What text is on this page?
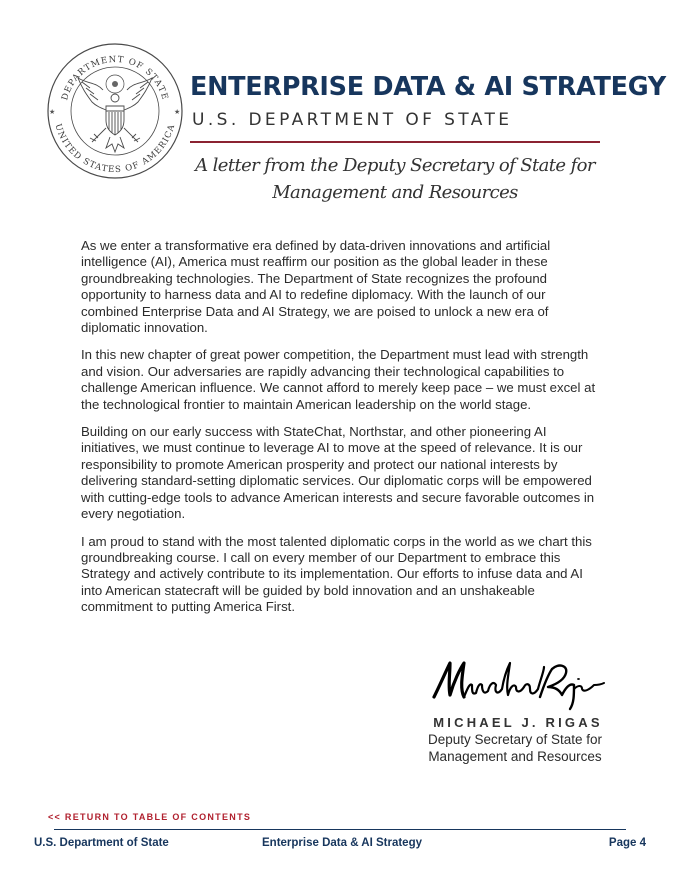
DEPARTMENT OF STATE
UNITED STATES OF AMERICA
★	★
ENTERPRISE DATA & AI STRATEGY
U.S. DEPARTMENT OF STATE
A letter from the Deputy Secretary of State for
Management and Resources

As we enter a transformative era defined by data-driven innovations and artificial intelligence (AI), America must reaffirm our position as the global leader in these groundbreaking technologies. The Department of State recognizes the profound opportunity to harness data and AI to redefine diplomacy. With the launch of our combined Enterprise Data and AI Strategy, we are poised to unlock a new era of diplomatic innovation.

In this new chapter of great power competition, the Department must lead with strength and vision. Our adversaries are rapidly advancing their technological capabilities to challenge American influence. We cannot afford to merely keep pace – we must excel at the technological frontier to maintain American leadership on the world stage.

Building on our early success with StateChat, Northstar, and other pioneering AI initiatives, we must continue to leverage AI to move at the speed of relevance. It is our responsibility to promote American prosperity and protect our national interests by delivering standard-setting diplomatic services. Our diplomatic corps will be empowered with cutting-edge tools to advance American interests and secure favorable outcomes in every negotiation.

I am proud to stand with the most talented diplomatic corps in the world as we chart this groundbreaking course. I call on every member of our Department to embrace this Strategy and actively contribute to its implementation. Our efforts to infuse data and AI into American statecraft will be guided by bold innovation and an unshakeable commitment to putting America First.

MICHAEL J. RIGAS
Deputy Secretary of State for
Management and Resources
<< RETURN TO TABLE OF CONTENTS
U.S. Department of State	Enterprise Data & AI Strategy	Page 4
